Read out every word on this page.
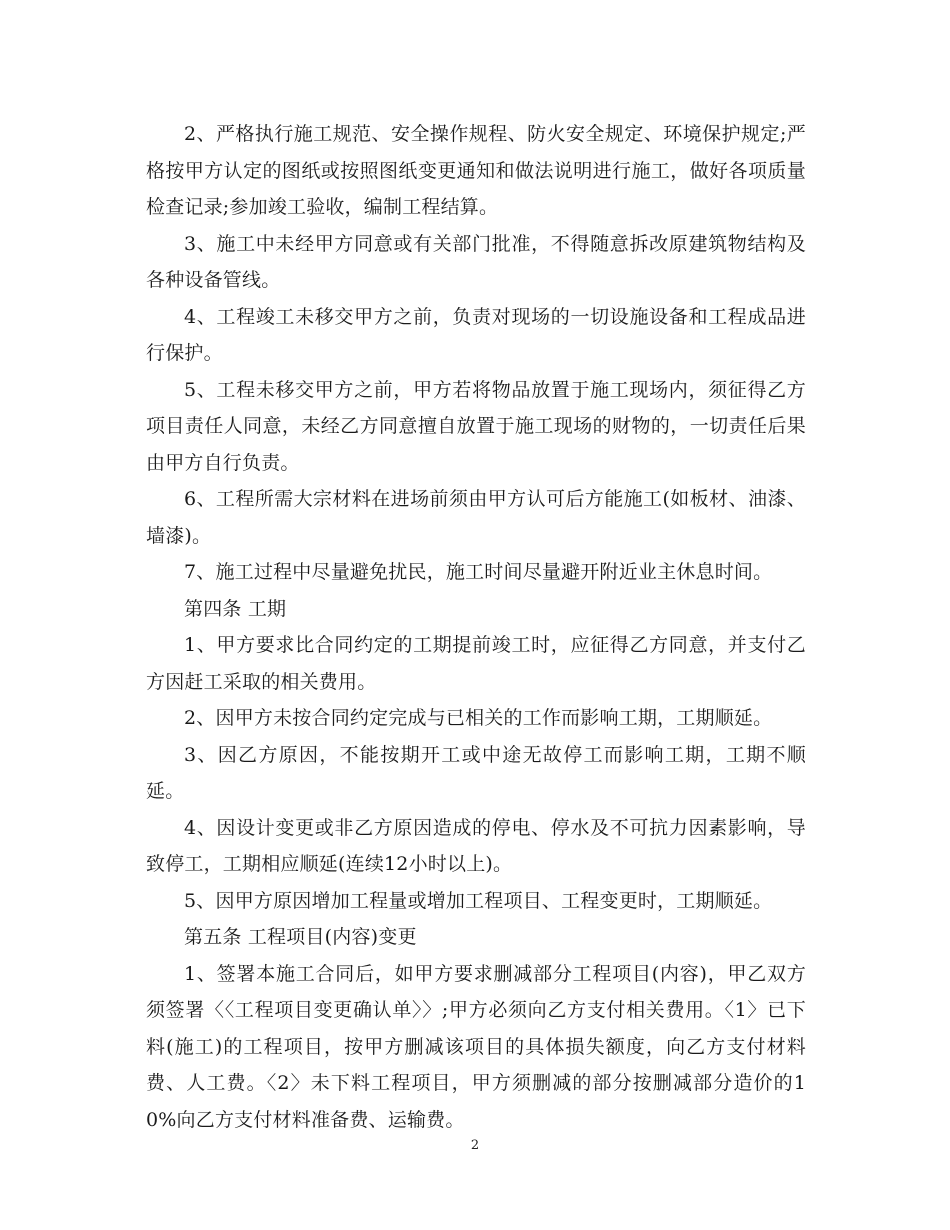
2、严格执行施工规范、安全操作规程、防火安全规定、环境保护规定;严格按甲方认定的图纸或按照图纸变更通知和做法说明进行施工，做好各项质量检查记录;参加竣工验收，编制工程结算。

3、施工中未经甲方同意或有关部门批准，不得随意拆改原建筑物结构及各种设备管线。

4、工程竣工未移交甲方之前，负责对现场的一切设施设备和工程成品进行保护。

5、工程未移交甲方之前，甲方若将物品放置于施工现场内，须征得乙方项目责任人同意，未经乙方同意擅自放置于施工现场的财物的，一切责任后果由甲方自行负责。

6、工程所需大宗材料在进场前须由甲方认可后方能施工(如板材、油漆、墙漆)。

7、施工过程中尽量避免扰民，施工时间尽量避开附近业主休息时间。

第四条 工期

1、甲方要求比合同约定的工期提前竣工时，应征得乙方同意，并支付乙方因赶工采取的相关费用。

2、因甲方未按合同约定完成与已相关的工作而影响工期，工期顺延。

3、因乙方原因，不能按期开工或中途无故停工而影响工期，工期不顺延。

4、因设计变更或非乙方原因造成的停电、停水及不可抗力因素影响，导致停工，工期相应顺延(连续12小时以上)。

5、因甲方原因增加工程量或增加工程项目、工程变更时，工期顺延。

第五条 工程项目(内容)变更

1、签署本施工合同后，如甲方要求删减部分工程项目(内容)，甲乙双方须签署〈〈工程项目变更确认单〉〉;甲方必须向乙方支付相关费用。〈1〉已下料(施工)的工程项目，按甲方删减该项目的具体损失额度，向乙方支付材料费、人工费。〈2〉未下料工程项目，甲方须删减的部分按删减部分造价的10%向乙方支付材料准备费、运输费。

2
